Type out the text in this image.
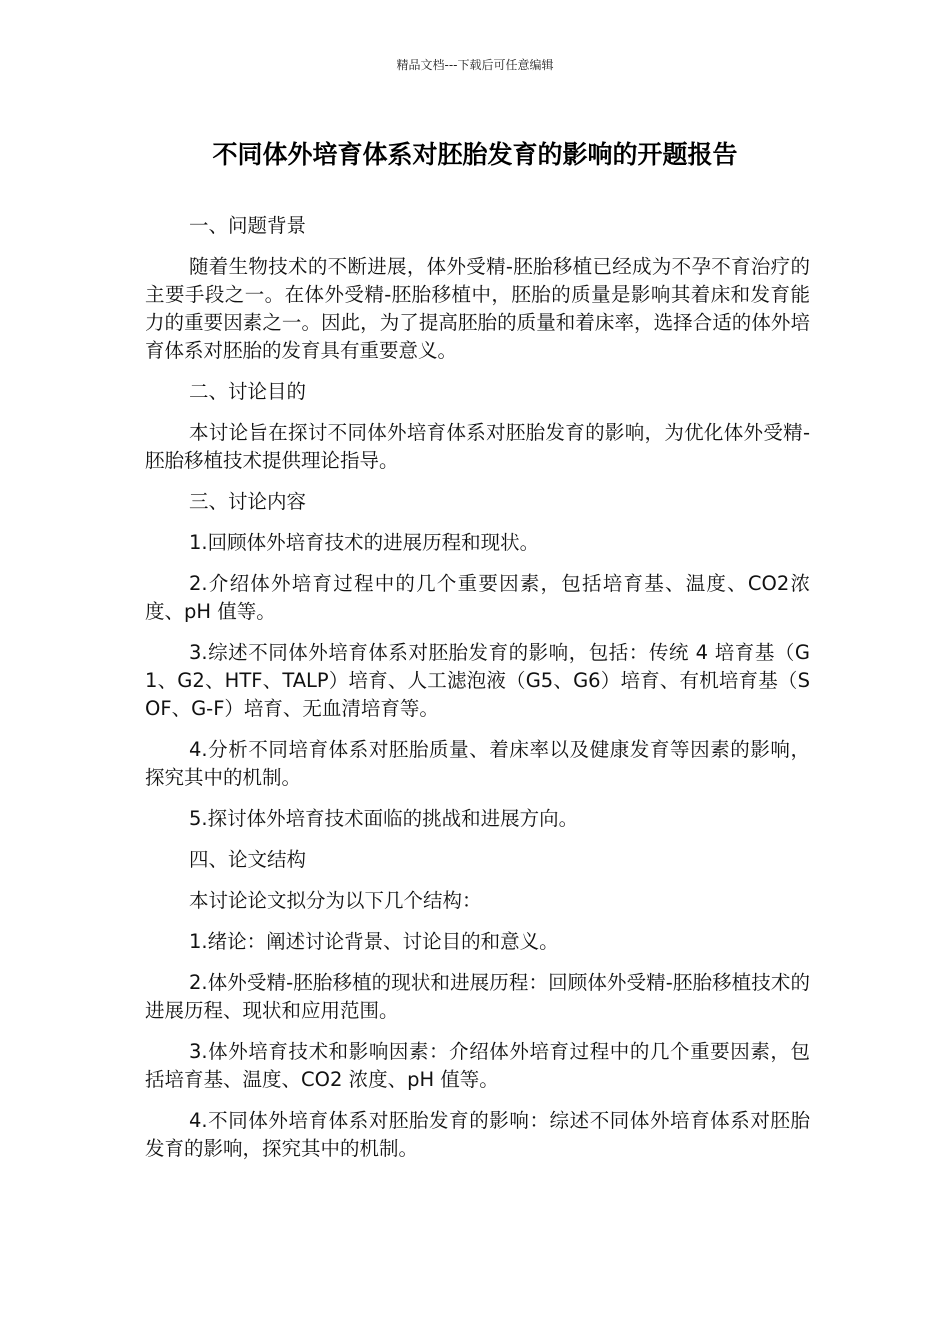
精品文档---下载后可任意编辑
不同体外培育体系对胚胎发育的影响的开题报告

一、问题背景

随着生物技术的不断进展，体外受精-胚胎移植已经成为不孕不育治疗的主要手段之一。在体外受精-胚胎移植中，胚胎的质量是影响其着床和发育能力的重要因素之一。因此，为了提高胚胎的质量和着床率，选择合适的体外培育体系对胚胎的发育具有重要意义。

二、讨论目的

本讨论旨在探讨不同体外培育体系对胚胎发育的影响，为优化体外受精-胚胎移植技术提供理论指导。

三、讨论内容

1.回顾体外培育技术的进展历程和现状。

2.介绍体外培育过程中的几个重要因素，包括培育基、温度、CO2浓度、pH 值等。

3.综述不同体外培育体系对胚胎发育的影响，包括：传统 4 培育基（G1、G2、HTF、TALP）培育、人工滤泡液（G5、G6）培育、有机培育基（SOF、G-F）培育、无血清培育等。

4.分析不同培育体系对胚胎质量、着床率以及健康发育等因素的影响，探究其中的机制。

5.探讨体外培育技术面临的挑战和进展方向。

四、论文结构

本讨论论文拟分为以下几个结构：

1.绪论：阐述讨论背景、讨论目的和意义。

2.体外受精-胚胎移植的现状和进展历程：回顾体外受精-胚胎移植技术的进展历程、现状和应用范围。

3.体外培育技术和影响因素：介绍体外培育过程中的几个重要因素，包括培育基、温度、CO2 浓度、pH 值等。

4.不同体外培育体系对胚胎发育的影响：综述不同体外培育体系对胚胎发育的影响，探究其中的机制。
